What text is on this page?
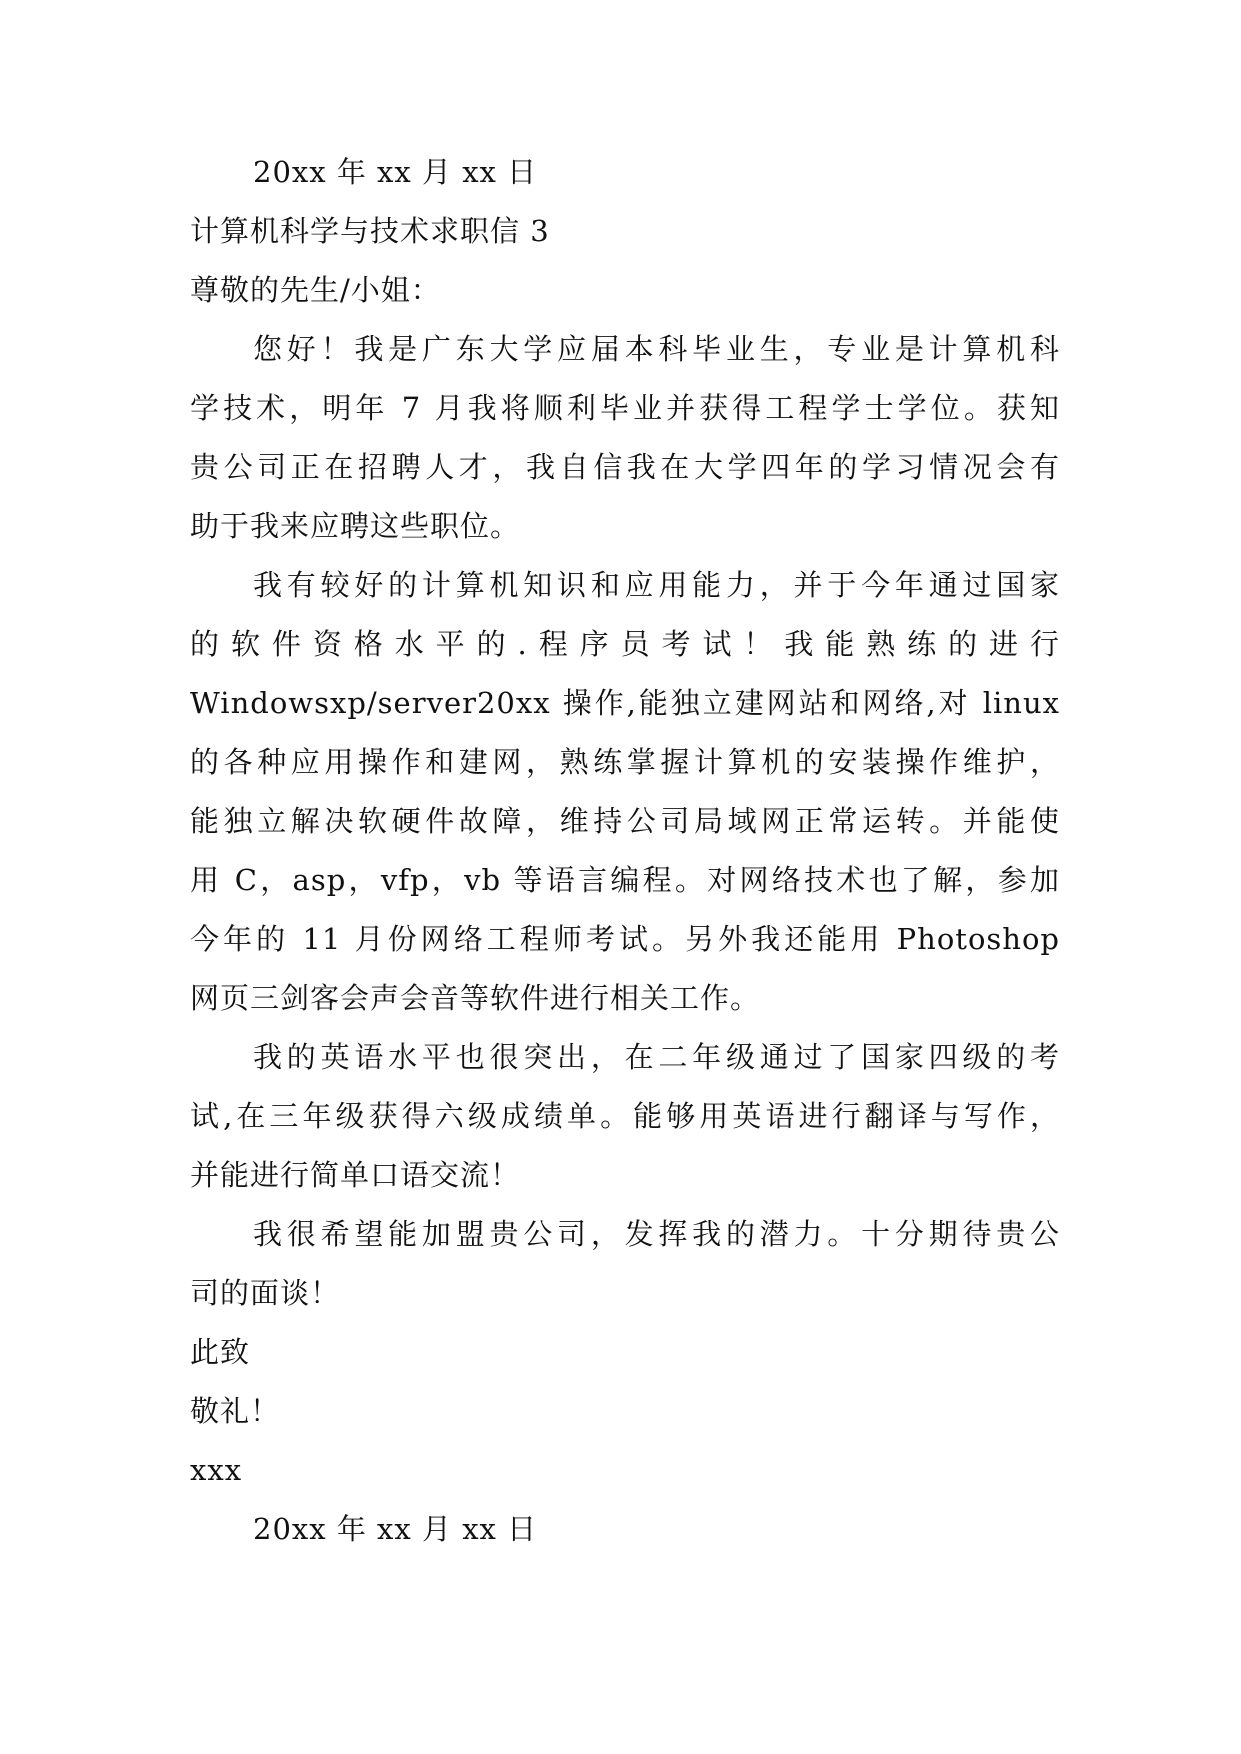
20xx 年 xx 月 xx 日
计算机科学与技术求职信 3
尊敬的先生/小姐：
您好！我是广东大学应届本科毕业生，专业是计算机科
学技术，明年 7 月我将顺利毕业并获得工程学士学位。获知
贵公司正在招聘人才，我自信我在大学四年的学习情况会有
助于我来应聘这些职位。
我有较好的计算机知识和应用能力，并于今年通过国家
的软件资格水平的.程序员考试！我能熟练的进行
Windowsxp/server20xx 操作,能独立建网站和网络,对 linux
的各种应用操作和建网，熟练掌握计算机的安装操作维护，
能独立解决软硬件故障，维持公司局域网正常运转。并能使
用 C，asp，vfp，vb 等语言编程。对网络技术也了解，参加
今年的 11 月份网络工程师考试。另外我还能用 Photoshop
网页三剑客会声会音等软件进行相关工作。
我的英语水平也很突出，在二年级通过了国家四级的考
试,在三年级获得六级成绩单。能够用英语进行翻译与写作，
并能进行简单口语交流！
我很希望能加盟贵公司，发挥我的潜力。十分期待贵公
司的面谈！
此致
敬礼！
xxx
20xx 年 xx 月 xx 日
